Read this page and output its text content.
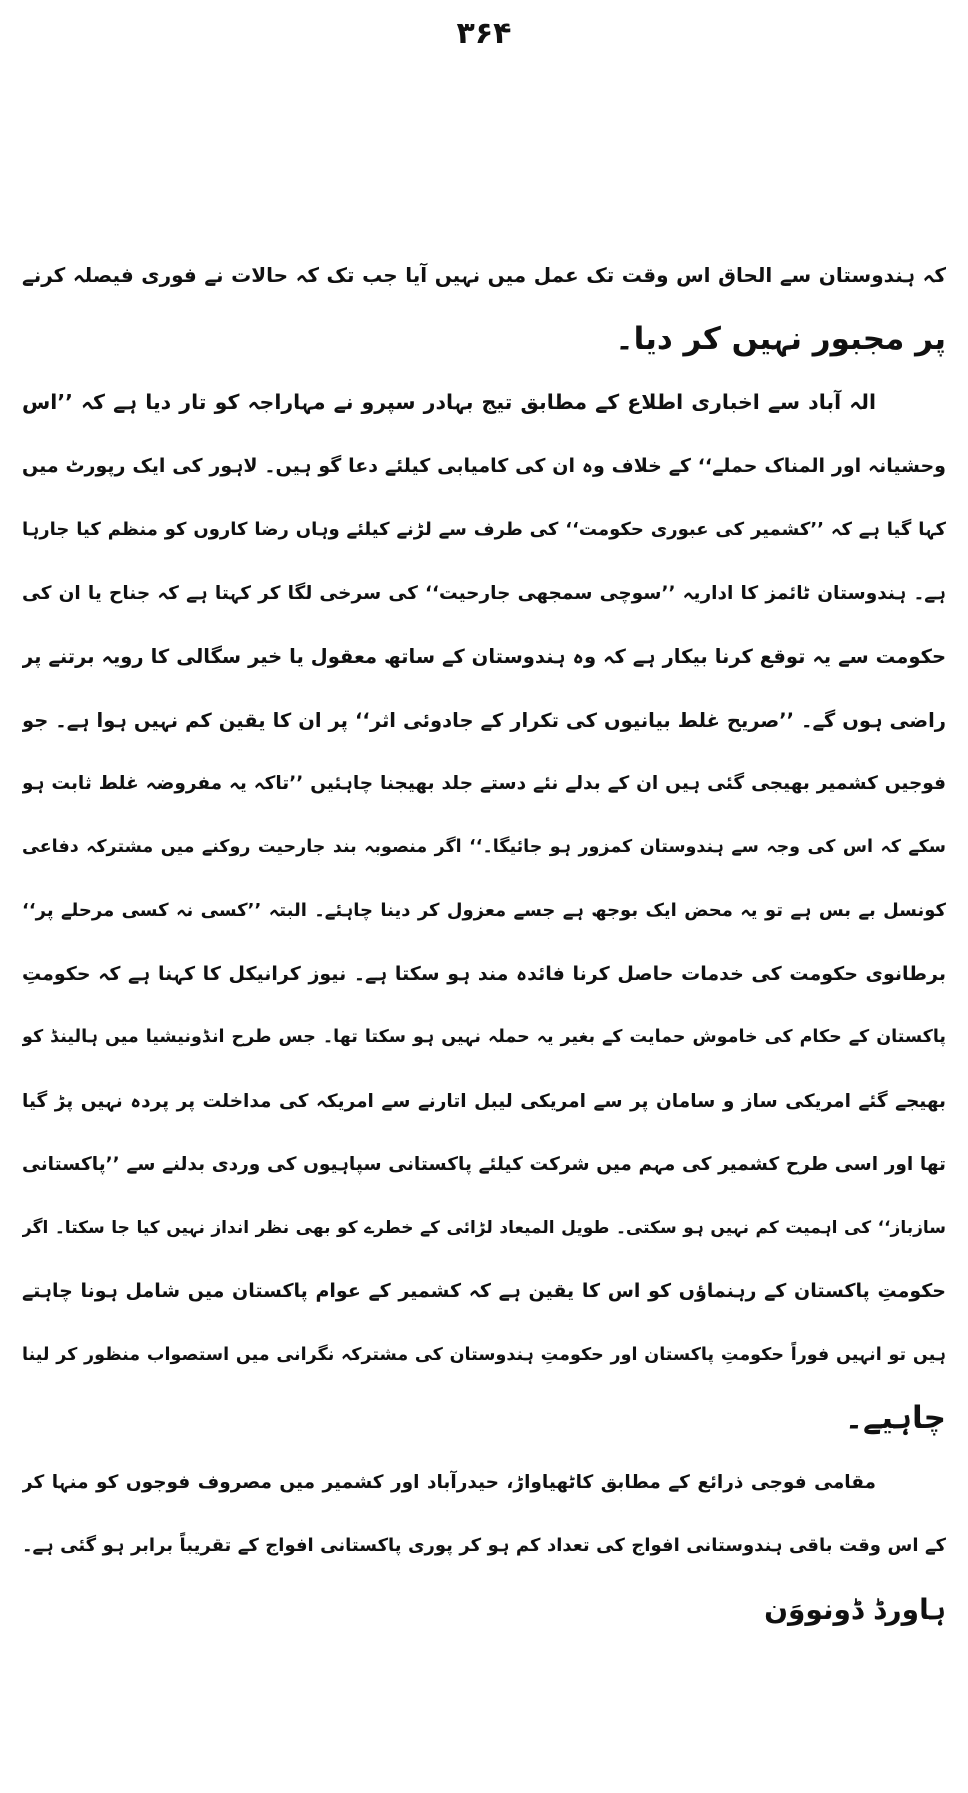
۳۶۴
کہ ہندوستان سے الحاق اس وقت تک عمل میں نہیں آیا جب تک کہ حالات نے فوری فیصلہ کرنے
پر مجبور نہیں کر دیا۔
الہ آباد سے اخباری اطلاع کے مطابق تیج بہادر سپرو نے مہاراجہ کو تار دیا ہے کہ ’’اس
وحشیانہ اور المناک حملے‘‘ کے خلاف وہ ان کی کامیابی کیلئے دعا گو ہیں۔ لاہور کی ایک رپورٹ میں
کہا گیا ہے کہ ’’کشمیر کی عبوری حکومت‘‘ کی طرف سے لڑنے کیلئے وہاں رضا کاروں کو منظم کیا جارہا
ہے۔ ہندوستان ٹائمز کا اداریہ ’’سوچی سمجھی جارحیت‘‘ کی سرخی لگا کر کہتا ہے کہ جناح یا ان کی
حکومت سے یہ توقع کرنا بیکار ہے کہ وہ ہندوستان کے ساتھ معقول یا خیر سگالی کا رویہ برتنے پر
راضی ہوں گے۔ ’’صریح غلط بیانیوں کی تکرار کے جادوئی اثر‘‘ پر ان کا یقین کم نہیں ہوا ہے۔ جو
فوجیں کشمیر بھیجی گئی ہیں ان کے بدلے نئے دستے جلد بھیجنا چاہئیں ’’تاکہ یہ مفروضہ غلط ثابت ہو
سکے کہ اس کی وجہ سے ہندوستان کمزور ہو جائیگا۔‘‘ اگر منصوبہ بند جارحیت روکنے میں مشترکہ دفاعی
کونسل بے بس ہے تو یہ محض ایک بوجھ ہے جسے معزول کر دینا چاہئے۔ البتہ ’’کسی نہ کسی مرحلے پر‘‘
برطانوی حکومت کی خدمات حاصل کرنا فائدہ مند ہو سکتا ہے۔ نیوز کرانیکل کا کہنا ہے کہ حکومتِ
پاکستان کے حکام کی خاموش حمایت کے بغیر یہ حملہ نہیں ہو سکتا تھا۔ جس طرح انڈونیشیا میں ہالینڈ کو
بھیجے گئے امریکی ساز و سامان پر سے امریکی لیبل اتارنے سے امریکہ کی مداخلت پر پردہ نہیں پڑ گیا
تھا اور اسی طرح کشمیر کی مہم میں شرکت کیلئے پاکستانی سپاہیوں کی وردی بدلنے سے ’’پاکستانی
سازباز‘‘ کی اہمیت کم نہیں ہو سکتی۔ طویل المیعاد لڑائی کے خطرے کو بھی نظر انداز نہیں کیا جا سکتا۔ اگر
حکومتِ پاکستان کے رہنماؤں کو اس کا یقین ہے کہ کشمیر کے عوام پاکستان میں شامل ہونا چاہتے
ہیں تو انہیں فوراً حکومتِ پاکستان اور حکومتِ ہندوستان کی مشترکہ نگرانی میں استصواب منظور کر لینا
چاہیے۔
مقامی فوجی ذرائع کے مطابق کاٹھیاواڑ، حیدرآباد اور کشمیر میں مصروف فوجوں کو منہا کر
کے اس وقت باقی ہندوستانی افواج کی تعداد کم ہو کر پوری پاکستانی افواج کے تقریباً برابر ہو گئی ہے۔
ہاورڈ ڈونووَن
